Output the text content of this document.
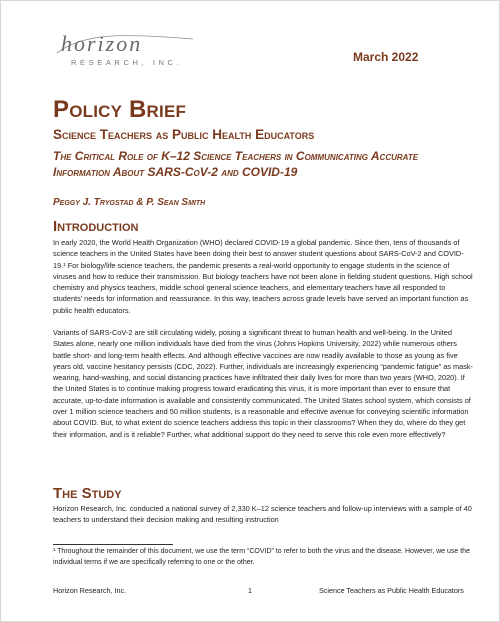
horizon
RESEARCH, INC.	March 2022
Policy Brief
Science Teachers as Public Health Educators
The Critical Role of K–12 Science Teachers in Communicating Accurate Information About SARS-CoV-2 and COVID-19
Peggy J. Trygstad & P. Sean Smith
Introduction

In early 2020, the World Health Organization (WHO) declared COVID-19 a global pandemic. Since then, tens of thousands of science teachers in the United States have been doing their best to answer student questions about SARS-CoV-2 and COVID-19.¹ For biology/life science teachers, the pandemic presents a real-world opportunity to engage students in the science of viruses and how to reduce their transmission. But biology teachers have not been alone in fielding student questions. High school chemistry and physics teachers, middle school general science teachers, and elementary teachers have all responded to students’ needs for information and reassurance. In this way, teachers across grade levels have served an important function as public health educators.

Variants of SARS-CoV-2 are still circulating widely, posing a significant threat to human health and well-being. In the United States alone, nearly one million individuals have died from the virus (Johns Hopkins University, 2022) while numerous others battle short- and long-term health effects. And although effective vaccines are now readily available to those as young as five years old, vaccine hesitancy persists (CDC, 2022). Further, individuals are increasingly experiencing “pandemic fatigue” as mask-wearing, hand-washing, and social distancing practices have infiltrated their daily lives for more than two years (WHO, 2020). If the United States is to continue making progress toward eradicating this virus, it is more important than ever to ensure that accurate, up-to-date information is available and consistently communicated. The United States school system, which consists of over 1 million science teachers and 50 million students, is a reasonable and effective avenue for conveying scientific information about COVID. But, to what extent do science teachers address this topic in their classrooms? When they do, where do they get their information, and is it reliable? Further, what additional support do they need to serve this role even more effectively?

The Study

Horizon Research, Inc. conducted a national survey of 2,330 K–12 science teachers and follow-up interviews with a sample of 40 teachers to understand their decision making and resulting instruction

¹ Throughout the remainder of this document, we use the term “COVID” to refer to both the virus and the disease. However, we use the individual terms if we are specifically referring to one or the other.
Horizon Research, Inc.	1	Science Teachers as Public Health Educators
